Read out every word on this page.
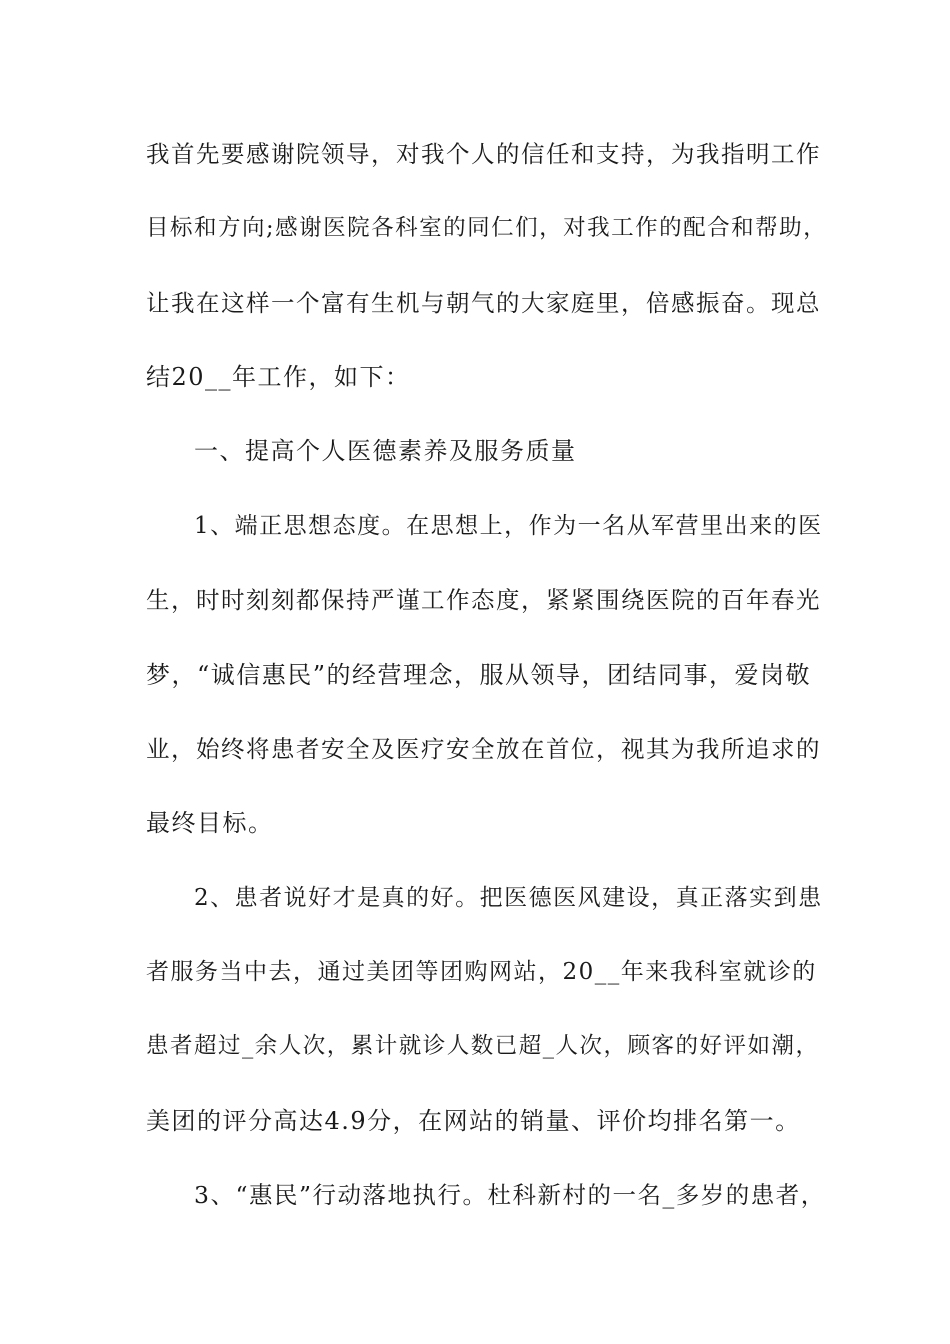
我首先要感谢院领导，对我个人的信任和支持，为我指明工作
目标和方向;感谢医院各科室的同仁们，对我工作的配合和帮助，
让我在这样一个富有生机与朝气的大家庭里，倍感振奋。现总
结20__年工作，如下：
一、提高个人医德素养及服务质量
1、端正思想态度。在思想上，作为一名从军营里出来的医
生，时时刻刻都保持严谨工作态度，紧紧围绕医院的百年春光
梦，“诚信惠民”的经营理念，服从领导，团结同事，爱岗敬
业，始终将患者安全及医疗安全放在首位，视其为我所追求的
最终目标。
2、患者说好才是真的好。把医德医风建设，真正落实到患
者服务当中去，通过美团等团购网站，20__年来我科室就诊的
患者超过_余人次，累计就诊人数已超_人次，顾客的好评如潮，
美团的评分高达4.9分，在网站的销量、评价均排名第一。
3、“惠民”行动落地执行。杜科新村的一名_多岁的患者，
